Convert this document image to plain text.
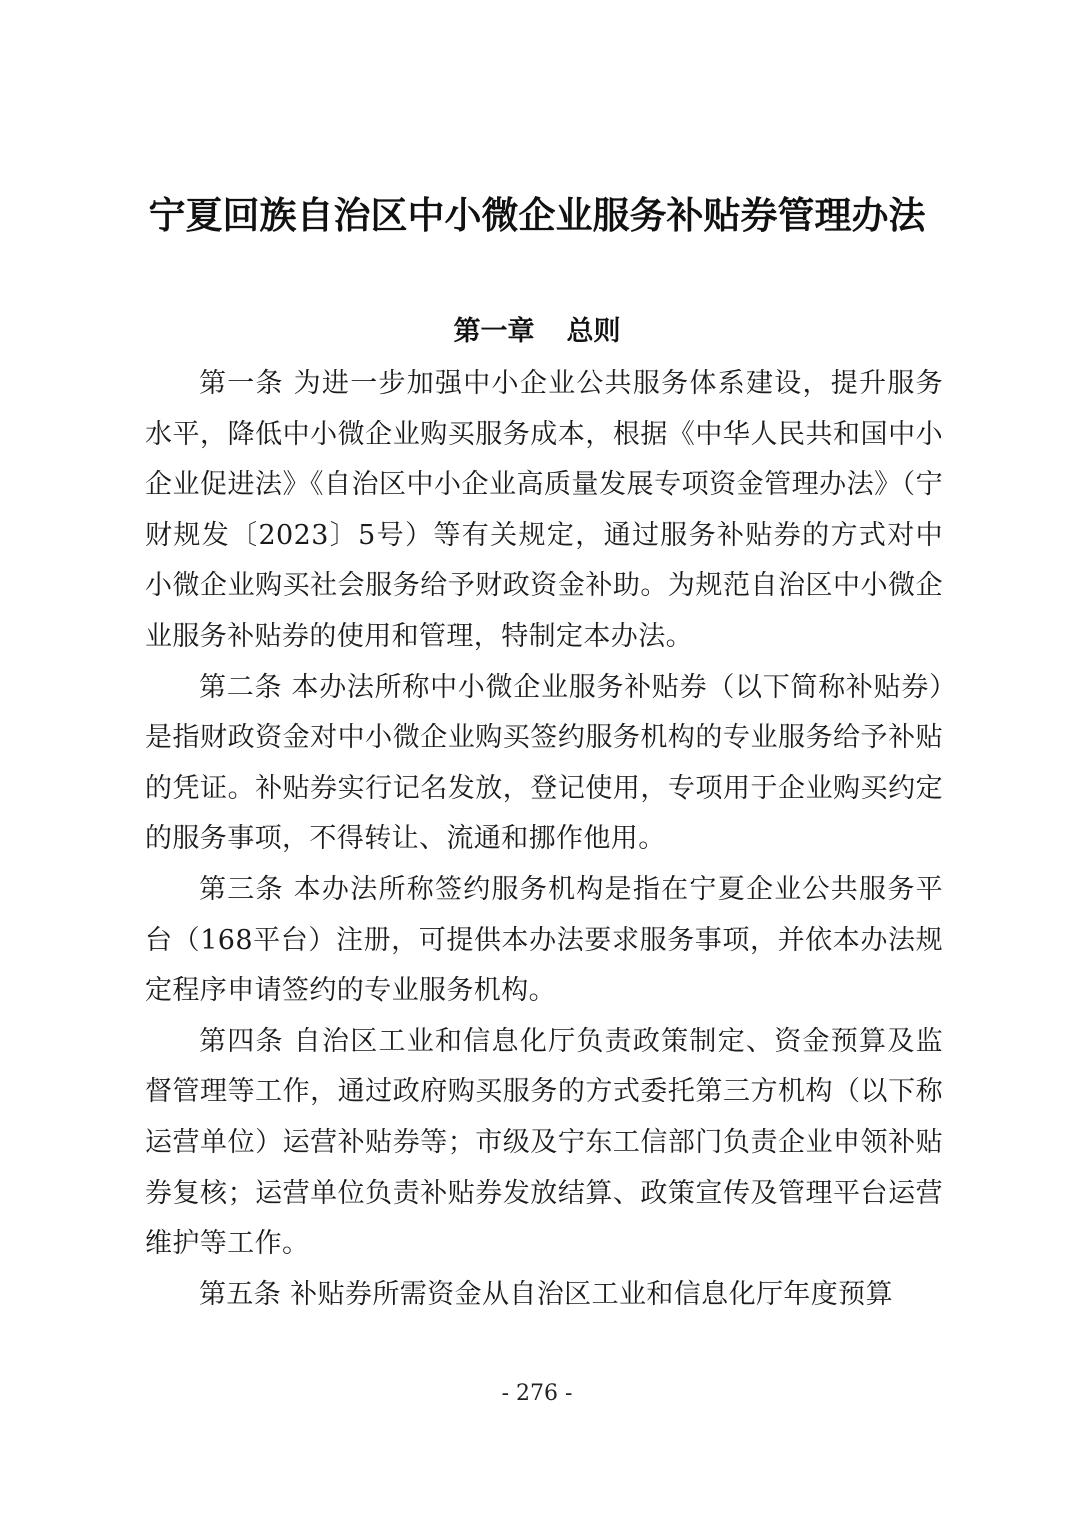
宁夏回族自治区中小微企业服务补贴券管理办法
第一章 总则

第一条 为进一步加强中小企业公共服务体系建设，提升服务水平，降低中小微企业购买服务成本，根据《中华人民共和国中小企业促进法》《自治区中小企业高质量发展专项资金管理办法》（宁财规发〔2023〕5号）等有关规定，通过服务补贴券的方式对中小微企业购买社会服务给予财政资金补助。为规范自治区中小微企业服务补贴券的使用和管理，特制定本办法。

第二条 本办法所称中小微企业服务补贴券（以下简称补贴券）是指财政资金对中小微企业购买签约服务机构的专业服务给予补贴的凭证。补贴券实行记名发放，登记使用，专项用于企业购买约定的服务事项，不得转让、流通和挪作他用。

第三条 本办法所称签约服务机构是指在宁夏企业公共服务平台（168平台）注册，可提供本办法要求服务事项，并依本办法规定程序申请签约的专业服务机构。

第四条 自治区工业和信息化厅负责政策制定、资金预算及监督管理等工作，通过政府购买服务的方式委托第三方机构（以下称运营单位）运营补贴券等；市级及宁东工信部门负责企业申领补贴券复核；运营单位负责补贴券发放结算、政策宣传及管理平台运营维护等工作。

第五条 补贴券所需资金从自治区工业和信息化厅年度预算

- 276 -
